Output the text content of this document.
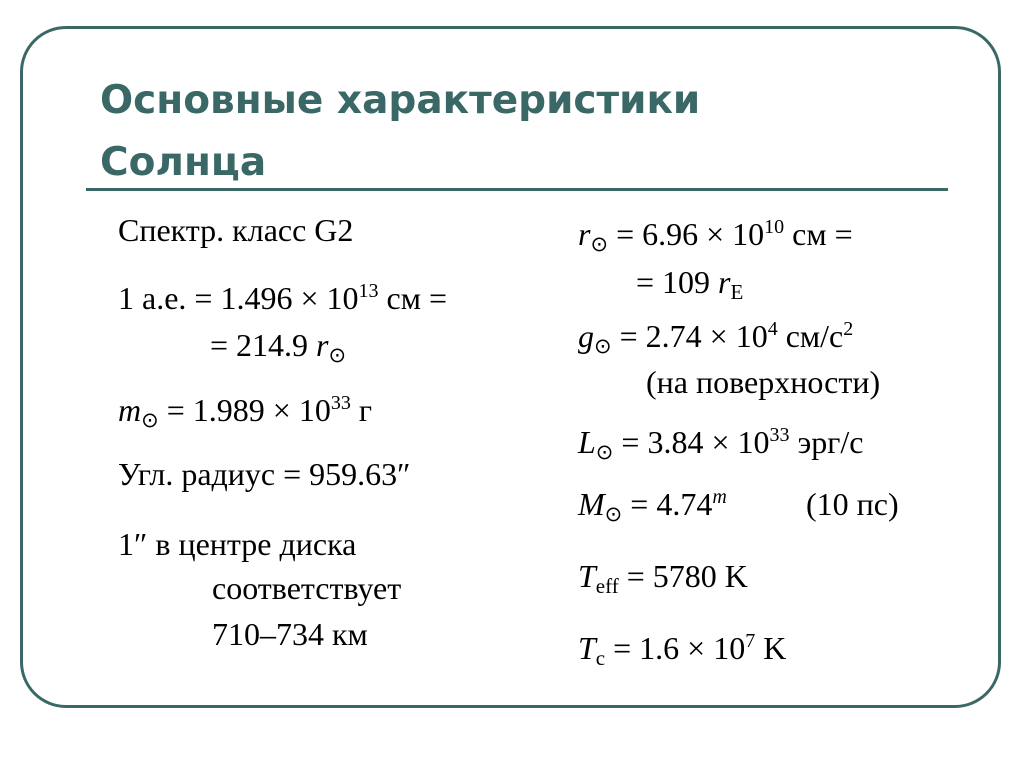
Основные характеристики
Солнца
Спектр. класс G2
1 а.е. = $1.496 \times 10^{13}$ см =
= 214.9 $r_⊙$
$m_⊙ = 1.989 \times 10^{33}$ г
Угл. радиус = 959.63″
1″ в центре диска
соответствует
710–734 км
$r_⊙ = 6.96 \times 10^{10}$ см =
= 109 $r_E$
$g_⊙ = 2.74 \times 10^4$ $см/с^2$
(на поверхности)
$L_⊙ = 3.84 \times 10^{33}$ эрг/с
$M_⊙ = 4.74^m$ (10 пс)
$T_{eff} = 5780$ K
$T_c = 1.6 \times 10^7$ K
